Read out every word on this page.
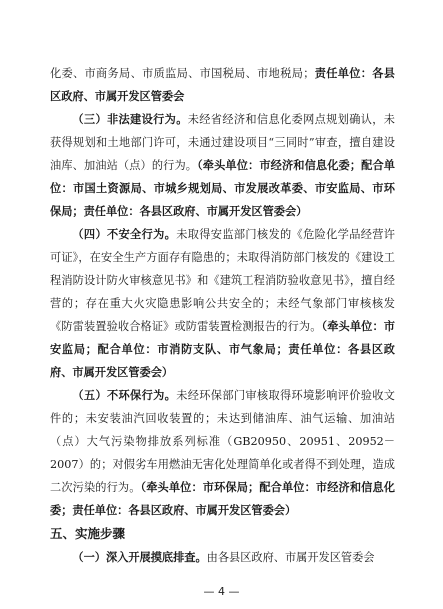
化委、市商务局、市质监局、市国税局、市地税局；责任单位：各县区政府、市属开发区管委会

（三）非法建设行为。未经省经济和信息化委网点规划确认，未获得规划和土地部门许可，未通过建设项目“三同时”审查，擅自建设油库、加油站（点）的行为。（牵头单位：市经济和信息化委；配合单位：市国土资源局、市城乡规划局、市发展改革委、市安监局、市环保局；责任单位：各县区政府、市属开发区管委会）

（四）不安全行为。未取得安监部门核发的《危险化学品经营许可证》，在安全生产方面存有隐患的；未取得消防部门核发的《建设工程消防设计防火审核意见书》和《建筑工程消防验收意见书》，擅自经营的；存在重大火灾隐患影响公共安全的；未经气象部门审核核发《防雷装置验收合格证》或防雷装置检测报告的行为。（牵头单位：市安监局；配合单位：市消防支队、市气象局；责任单位：各县区政府、市属开发区管委会）

（五）不环保行为。未经环保部门审核取得环境影响评价验收文件的；未安装油汽回收装置的；未达到储油库、油气运输、加油站（点）大气污染物排放系列标准（GB20950、20951、20952－2007）的；对假劣车用燃油无害化处理简单化或者得不到处理，造成二次污染的行为。（牵头单位：市环保局；配合单位：市经济和信息化委；责任单位：各县区政府、市属开发区管委会）

五、实施步骤

（一）深入开展摸底排查。由各县区政府、市属开发区管委会

— 4 —
